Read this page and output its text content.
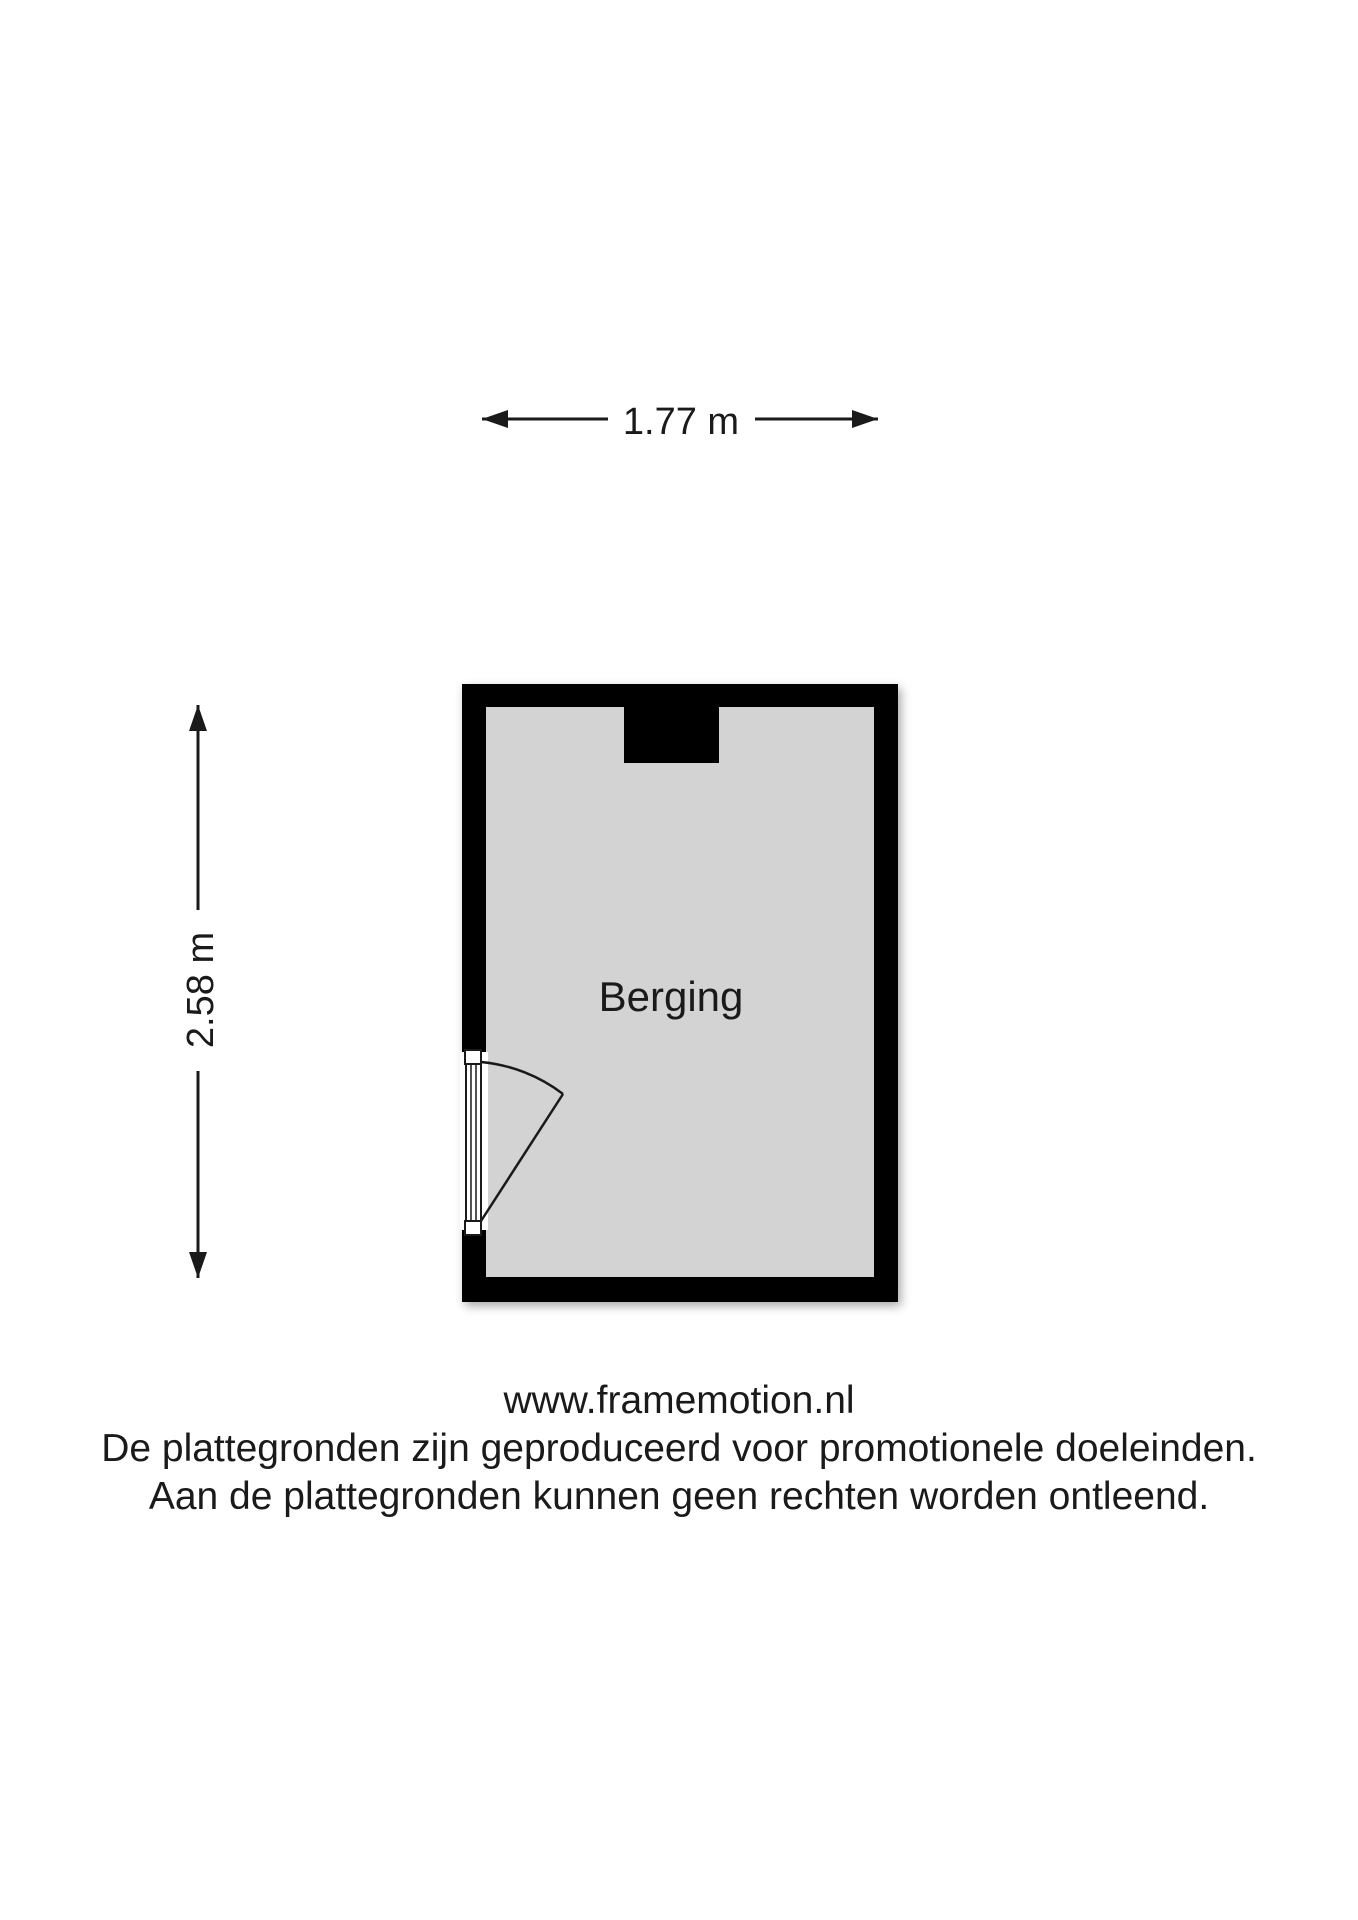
1.77 m
2.58 m	Berging
www.framemotion.nl
De plattegronden zijn geproduceerd voor promotionele doeleinden.
Aan de plattegronden kunnen geen rechten worden ontleend.
